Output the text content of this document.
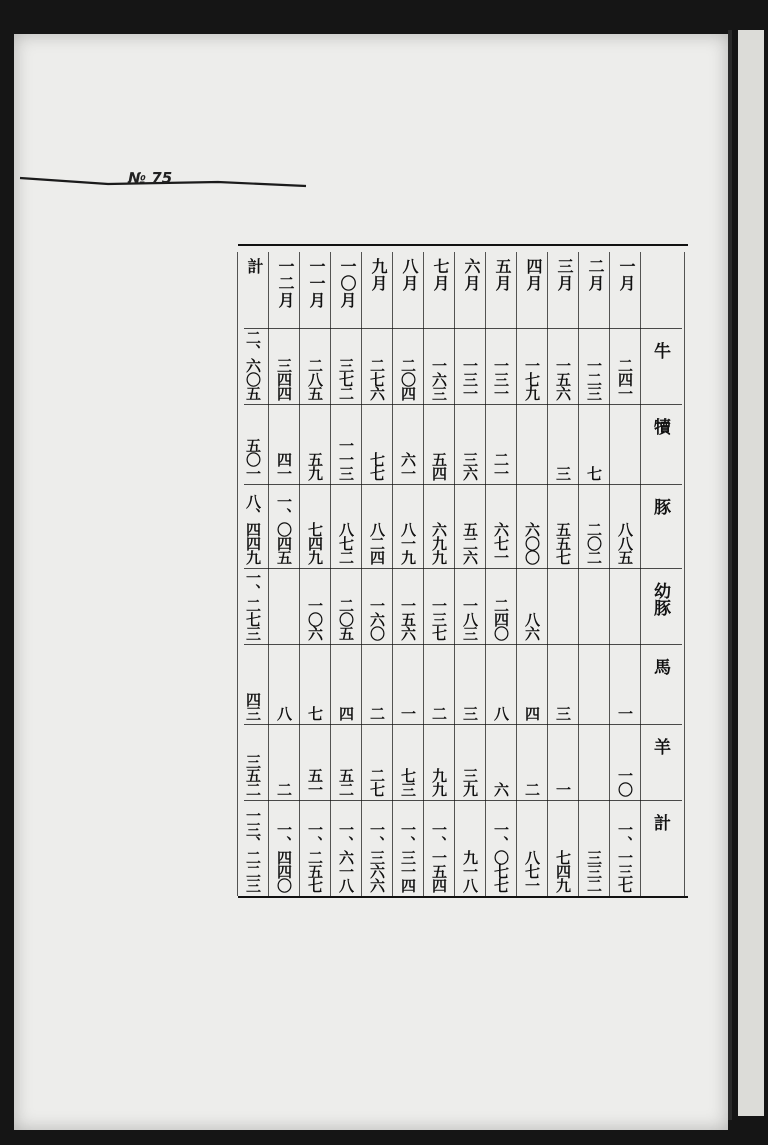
№ 75
牛
犢
豚
幼豚
馬
羊
計
一月
二四一
八八五
一
一〇
一、一三七
二月
一二三
七
二〇二
三三二
三月
一五六
三
五五七
三
一
七四九
四月
一七九
六〇〇
八六
四
二
八七一
五月
一三一
二一
六七一
二四〇
八
六
一、〇七七
六月
一三一
三六
五二六
一八三
三
三九
九一八
七月
一六三
五四
六九九
一三七
二
九九
一、一五四
八月
二〇四
六一
八一九
一五六
一
七三
一、三一四
九月
二七六
七七
八二四
一六〇
二
二七
一、三六六
一〇月
三七二
一一三
八七二
二〇五
四
五二
一、六一八
一一月
二八五
五九
七四九
一〇六
七
五一
一、二五七
一二月
三四四
四一
一、〇四五
八
二
一、四四〇
計
二、六〇五
五〇一
八、四四九
一、二七三
四三
三五二
一三、二二三
